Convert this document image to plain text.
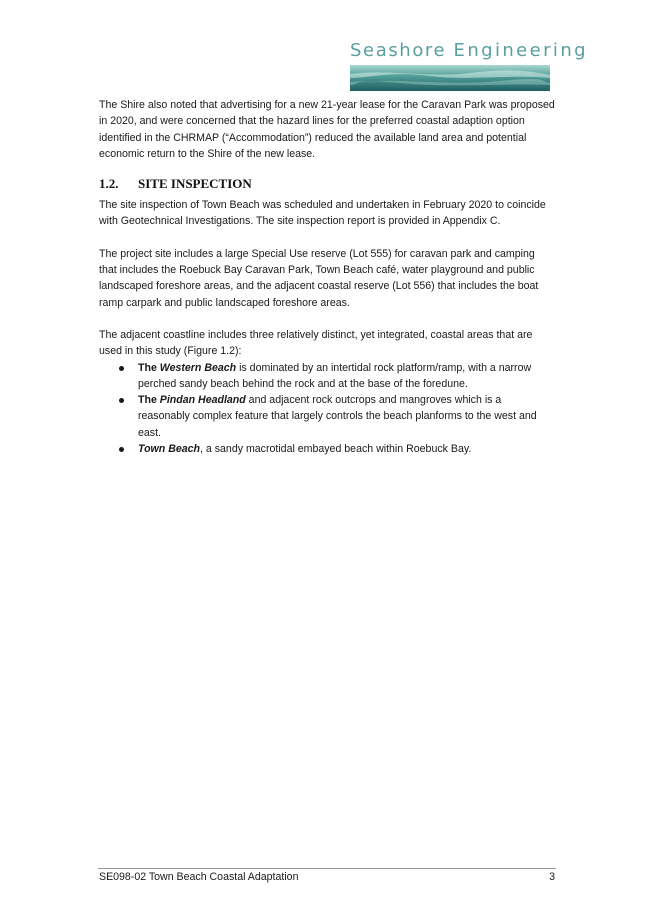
Seashore Engineering

The Shire also noted that advertising for a new 21-year lease for the Caravan Park was proposed in 2020, and were concerned that the hazard lines for the preferred coastal adaption option identified in the CHRMAP (“Accommodation”) reduced the available land area and potential economic return to the Shire of the new lease.

1.2. SITE INSPECTION

The site inspection of Town Beach was scheduled and undertaken in February 2020 to coincide with Geotechnical Investigations. The site inspection report is provided in Appendix C.

The project site includes a large Special Use reserve (Lot 555) for caravan park and camping that includes the Roebuck Bay Caravan Park, Town Beach café, water playground and public landscaped foreshore areas, and the adjacent coastal reserve (Lot 556) that includes the boat ramp carpark and public landscaped foreshore areas.

The adjacent coastline includes three relatively distinct, yet integrated, coastal areas that are used in this study (Figure 1.2):

The Western Beach is dominated by an intertidal rock platform/ramp, with a narrow perched sandy beach behind the rock and at the base of the foredune.
The Pindan Headland and adjacent rock outcrops and mangroves which is a reasonably complex feature that largely controls the beach planforms to the west and east.
Town Beach, a sandy macrotidal embayed beach within Roebuck Bay.
SE098-02 Town Beach Coastal Adaptation	3
